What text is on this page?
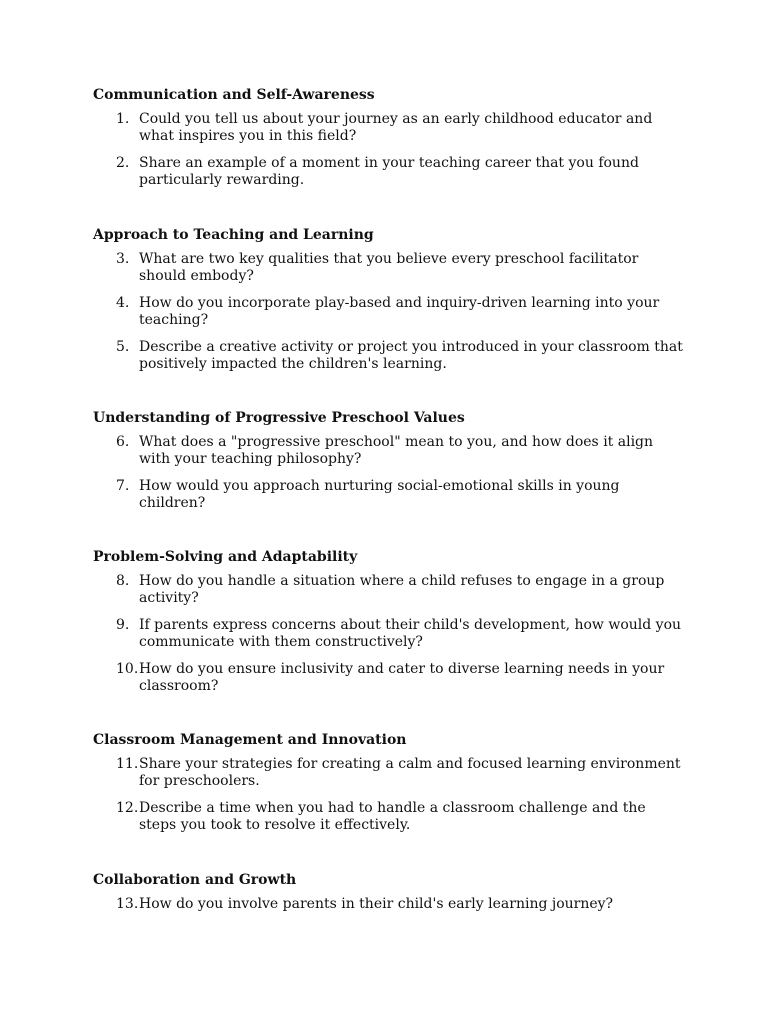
Communication and Self-Awareness
1. Could you tell us about your journey as an early childhood educator and what inspires you in this field?
2. Share an example of a moment in your teaching career that you found particularly rewarding.
Approach to Teaching and Learning
3. What are two key qualities that you believe every preschool facilitator should embody?
4. How do you incorporate play-based and inquiry-driven learning into your teaching?
5. Describe a creative activity or project you introduced in your classroom that positively impacted the children's learning.
Understanding of Progressive Preschool Values
6. What does a "progressive preschool" mean to you, and how does it align with your teaching philosophy?
7. How would you approach nurturing social-emotional skills in young children?
Problem-Solving and Adaptability
8. How do you handle a situation where a child refuses to engage in a group activity?
9. If parents express concerns about their child's development, how would you communicate with them constructively?
10. How do you ensure inclusivity and cater to diverse learning needs in your classroom?
Classroom Management and Innovation
11. Share your strategies for creating a calm and focused learning environment for preschoolers.
12. Describe a time when you had to handle a classroom challenge and the steps you took to resolve it effectively.
Collaboration and Growth
13. How do you involve parents in their child's early learning journey?
